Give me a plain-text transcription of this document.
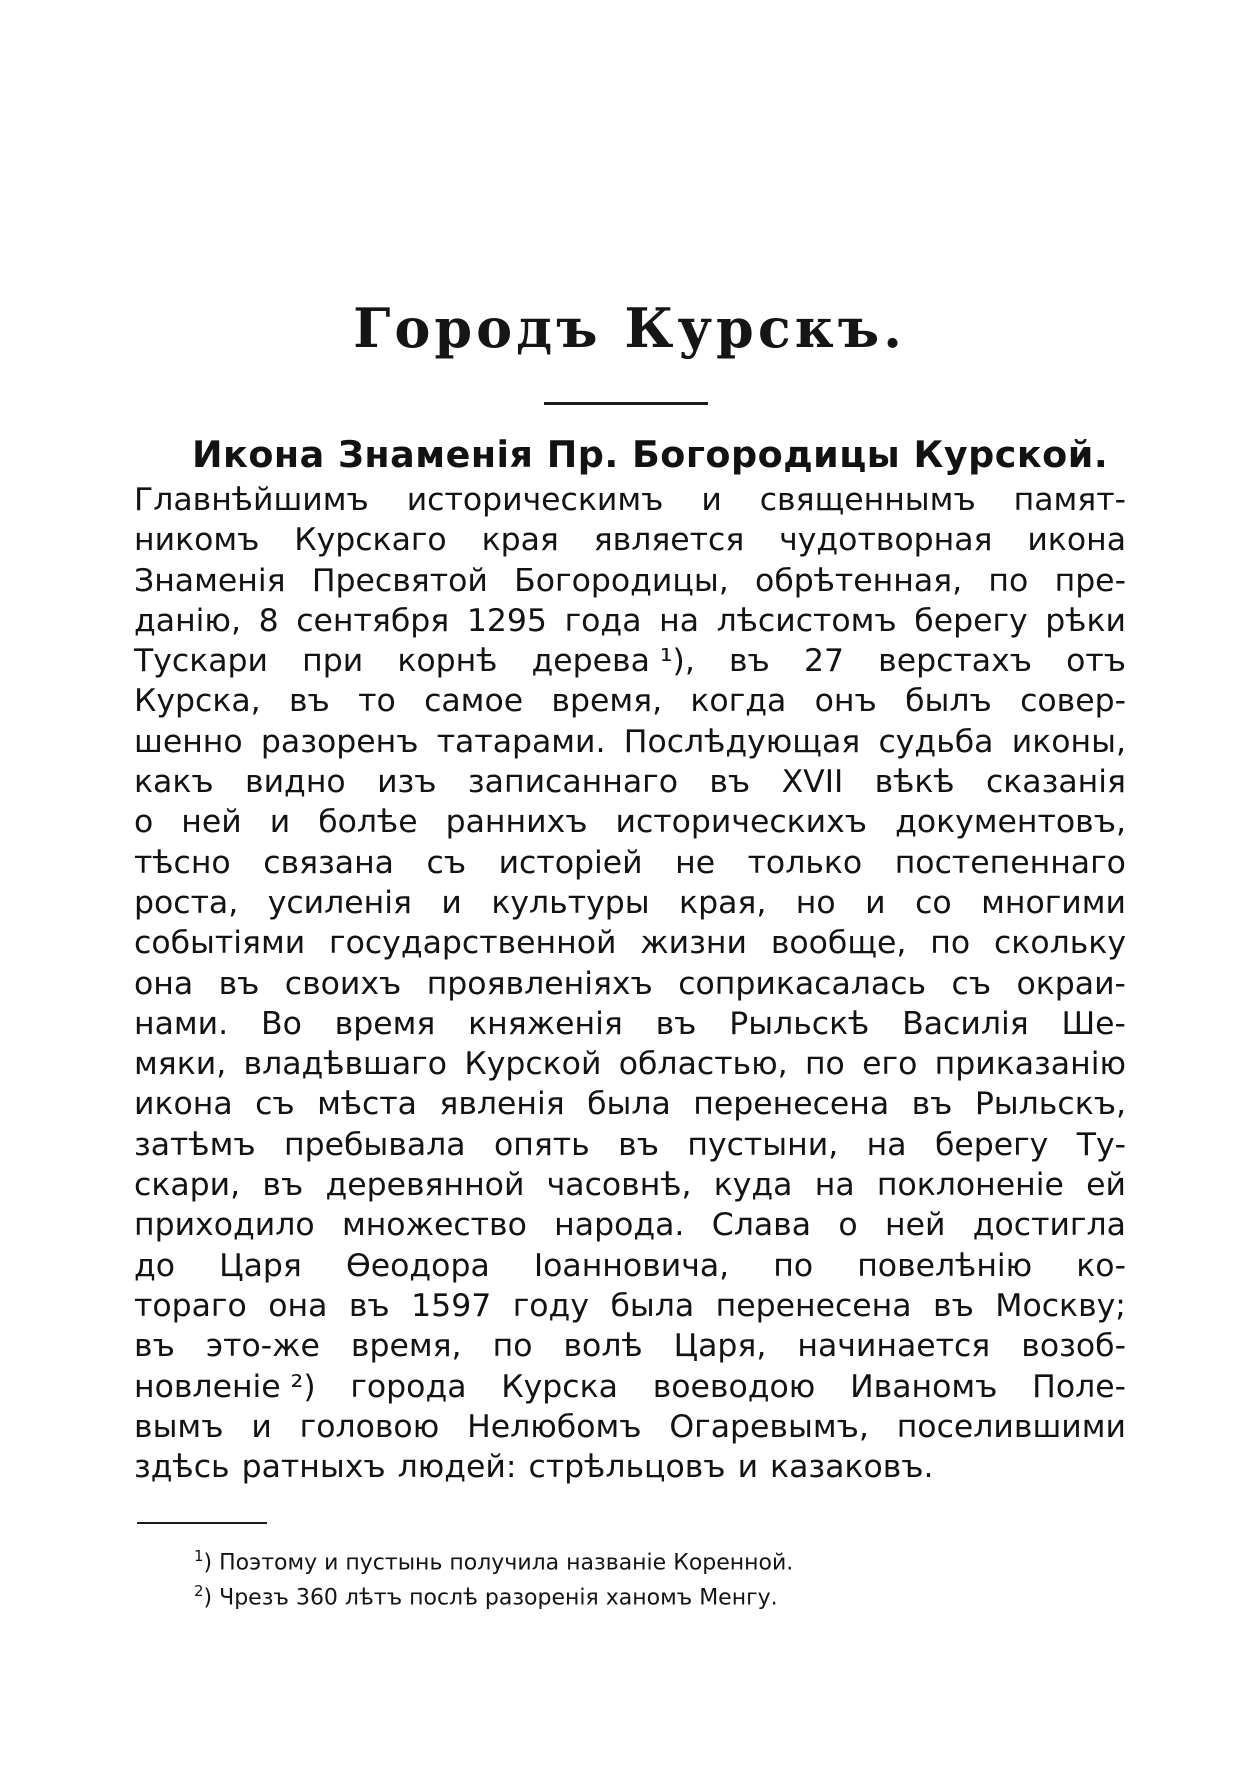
Городъ Курскъ.
Икона Знаменія Пр. Богородицы Курской.
Главнѣйшимъ историческимъ и священнымъ памят-
никомъ Курскаго края является чудотворная икона
Знаменія Пресвятой Богородицы, обрѣтенная, по пре-
данію, 8 сентября 1295 года на лѣсистомъ берегу рѣки
Тускари при корнѣ дерева ¹), въ 27 верстахъ отъ
Курска, въ то самое время, когда онъ былъ совер-
шенно разоренъ татарами. Послѣдующая судьба иконы,
какъ видно изъ записаннаго въ XVII вѣкѣ сказанія
о ней и болѣе раннихъ историческихъ документовъ,
тѣсно связана съ исторіей не только постепеннаго
роста, усиленія и культуры края, но и со многими
событіями государственной жизни вообще, по скольку
она въ своихъ проявленіяхъ соприкасалась съ окраи-
нами. Во время княженія въ Рыльскѣ Василія Ше-
мяки, владѣвшаго Курской областью, по его приказанію
икона съ мѣста явленія была перенесена въ Рыльскъ,
затѣмъ пребывала опять въ пустыни, на берегу Ту-
скари, въ деревянной часовнѣ, куда на поклоненіе ей
приходило множество народа. Слава о ней достигла
до Царя Ѳеодора Іоанновича, по повелѣнію ко-
тораго она въ 1597 году была перенесена въ Москву;
въ это-же время, по волѣ Царя, начинается возоб-
новленіе ²) города Курска воеводою Иваномъ Поле-
вымъ и головою Нелюбомъ Огаревымъ, поселившими
здѣсь ратныхъ людей: стрѣльцовъ и казаковъ.
$^1$) Поэтому и пустынь получила названіе Коренной.
$^2$) Чрезъ 360 лѣтъ послѣ разоренія ханомъ Менгу.
